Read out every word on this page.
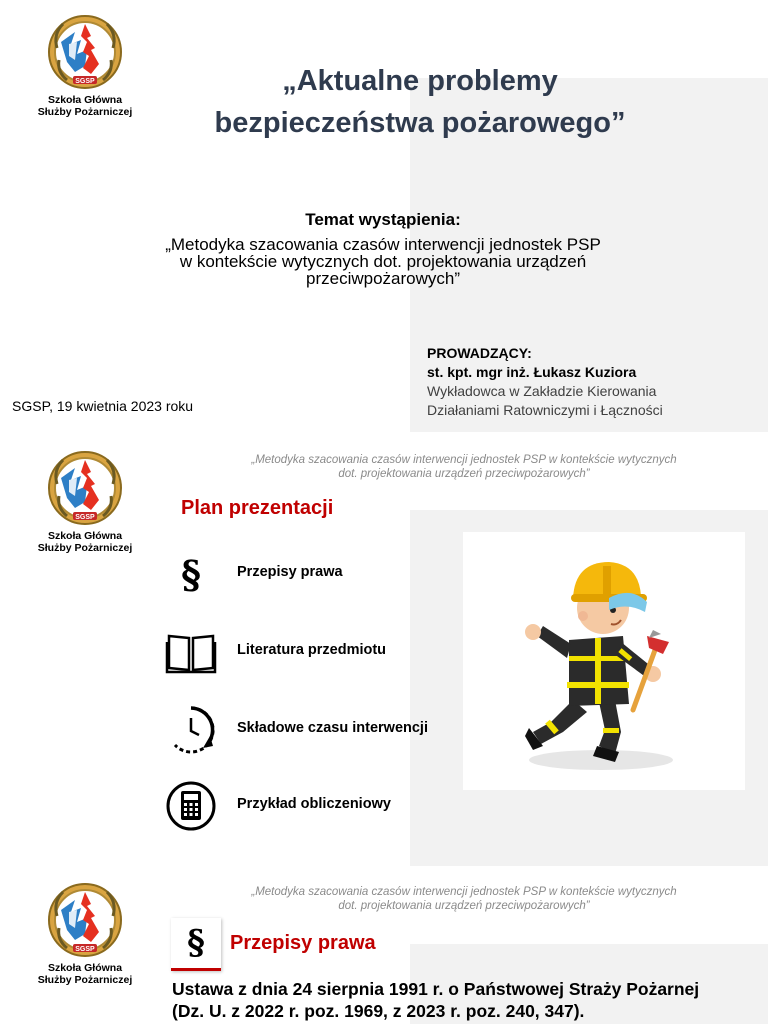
Szkoła Główna
Służby Pożarniczej
„Aktualne problemy
bezpieczeństwa pożarowego”
Temat wystąpienia:
„Metodyka szacowania czasów interwencji jednostek PSP
w kontekście wytycznych dot. projektowania urządzeń
przeciwpożarowych”
PROWADZĄCY:
st. kpt. mgr inż. Łukasz Kuziora
Wykładowca w Zakładzie Kierowania
Działaniami Ratowniczymi i Łączności
SGSP, 19 kwietnia 2023 roku
Szkoła Główna
Służby Pożarniczej
„Metodyka szacowania czasów interwencji jednostek PSP w kontekście wytycznych
dot. projektowania urządzeń przeciwpożarowych”
Plan prezentacji
§ Przepisy prawa
Literatura przedmiotu
Składowe czasu interwencji
Przykład obliczeniowy
Szkoła Główna
Służby Pożarniczej
„Metodyka szacowania czasów interwencji jednostek PSP w kontekście wytycznych
dot. projektowania urządzeń przeciwpożarowych”
§ Przepisy prawa
Ustawa z dnia 24 sierpnia 1991 r. o Państwowej Straży Pożarnej
(Dz. U. z 2022 r. poz. 1969, z 2023 r. poz. 240, 347).
